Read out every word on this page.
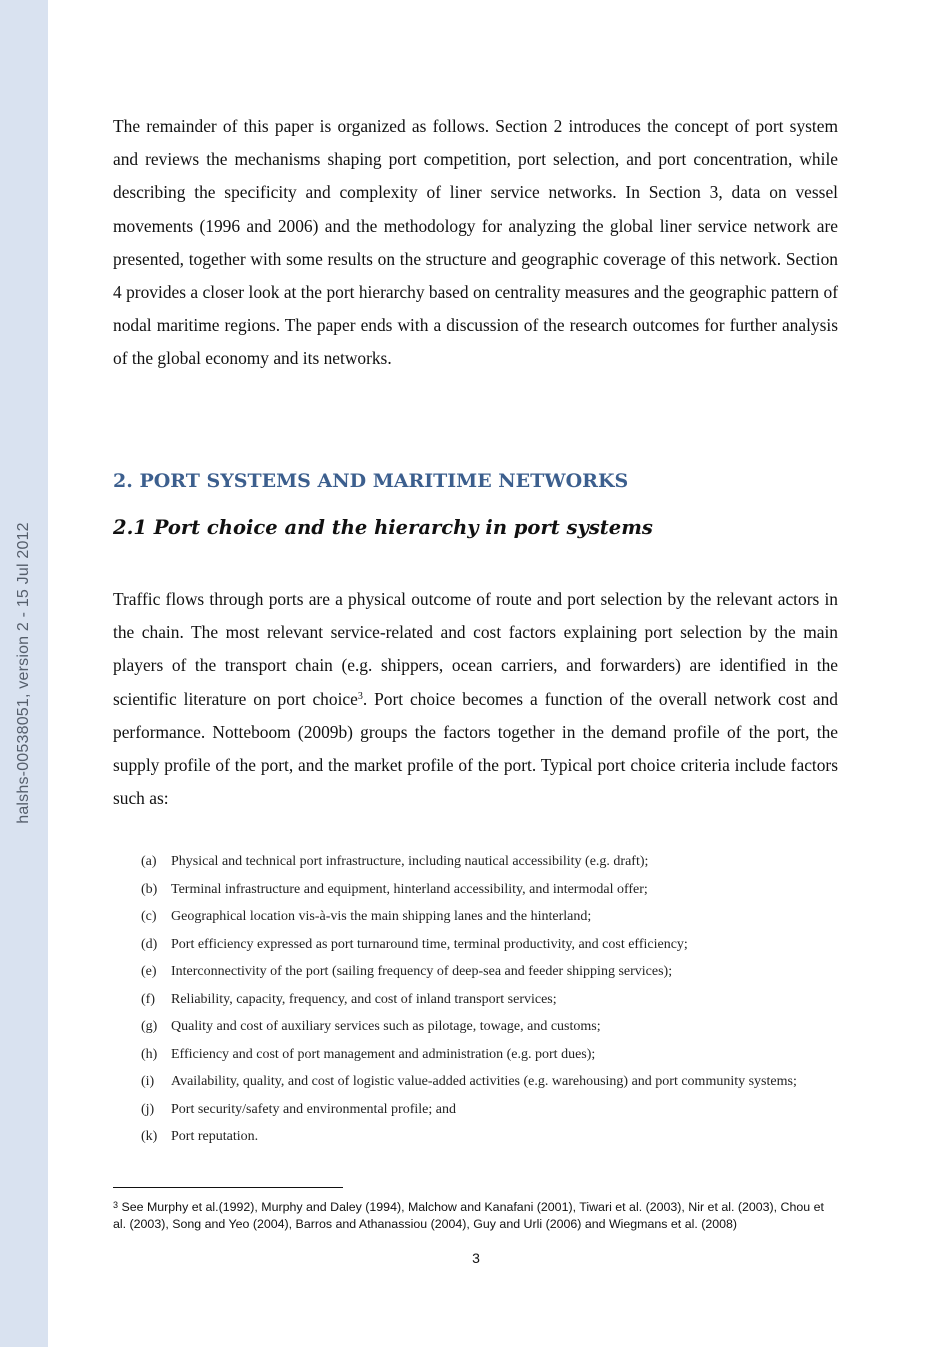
halshs-00538051, version 2 - 15 Jul 2012

The remainder of this paper is organized as follows. Section 2 introduces the concept of port system and reviews the mechanisms shaping port competition, port selection, and port concentration, while describing the specificity and complexity of liner service networks. In Section 3, data on vessel movements (1996 and 2006) and the methodology for analyzing the global liner service network are presented, together with some results on the structure and geographic coverage of this network. Section 4 provides a closer look at the port hierarchy based on centrality measures and the geographic pattern of nodal maritime regions. The paper ends with a discussion of the research outcomes for further analysis of the global economy and its networks.

2. PORT SYSTEMS AND MARITIME NETWORKS
2.1 Port choice and the hierarchy in port systems

Traffic flows through ports are a physical outcome of route and port selection by the relevant actors in the chain. The most relevant service-related and cost factors explaining port selection by the main players of the transport chain (e.g. shippers, ocean carriers, and forwarders) are identified in the scientific literature on port choice$^3$. Port choice becomes a function of the overall network cost and performance. Notteboom (2009b) groups the factors together in the demand profile of the port, the supply profile of the port, and the market profile of the port. Typical port choice criteria include factors such as:

(a)	Physical and technical port infrastructure, including nautical accessibility (e.g. draft);
(b) Terminal infrastructure and equipment, hinterland accessibility, and intermodal offer;
(c)	Geographical location vis-à-vis the main shipping lanes and the hinterland;
(d) Port efficiency expressed as port turnaround time, terminal productivity, and cost efficiency;
(e)	Interconnectivity of the port (sailing frequency of deep-sea and feeder shipping services);
(f)	Reliability, capacity, frequency, and cost of inland transport services;
(g) Quality and cost of auxiliary services such as pilotage, towage, and customs;
(h) Efficiency and cost of port management and administration (e.g. port dues);
(i)	Availability, quality, and cost of logistic value-added activities (e.g. warehousing) and port community systems;
(j)	Port security/safety and environmental profile; and
(k) Port reputation.

$^3$ See Murphy et al.(1992), Murphy and Daley (1994), Malchow and Kanafani (2001), Tiwari et al. (2003), Nir et al. (2003), Chou et al. (2003), Song and Yeo (2004), Barros and Athanassiou (2004), Guy and Urli (2006) and Wiegmans et al. (2008)

3
